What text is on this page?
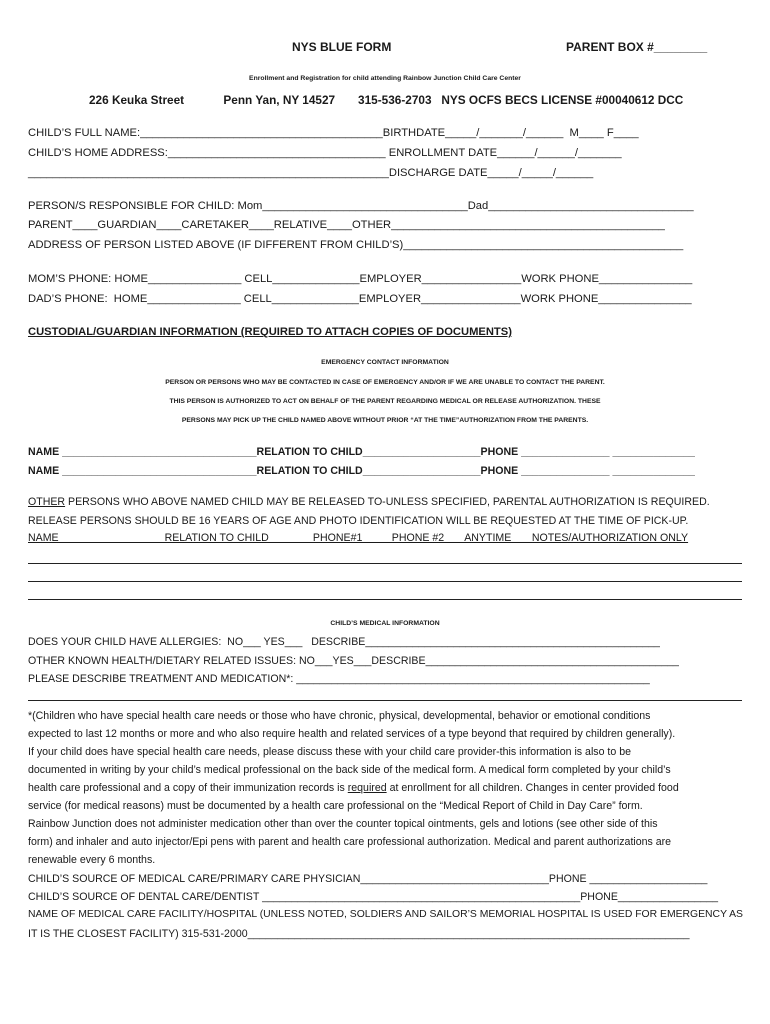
NYS BLUE FORM	PARENT BOX #________
Enrollment and Registration for child attending Rainbow Junction Child Care Center
226 Keuka Street            Penn Yan, NY 14527       315-536-2703   NYS OCFS BECS LICENSE #00040612 DCC
CHILD’S FULL NAME:_______________________________________BIRTHDATE_____/_______/______  M____ F____
CHILD’S HOME ADDRESS:___________________________________ ENROLLMENT DATE______/______/_______
__________________________________________________________DISCHARGE DATE_____/_____/______
PERSON/S RESPONSIBLE FOR CHILD: Mom_________________________________Dad_________________________________
PARENT____GUARDIAN____CARETAKER____RELATIVE____OTHER____________________________________________
ADDRESS OF PERSON LISTED ABOVE (IF DIFFERENT FROM CHILD’S)_____________________________________________
MOM’S PHONE: HOME_______________ CELL______________EMPLOYER________________WORK PHONE_______________
DAD’S PHONE:  HOME_______________ CELL______________EMPLOYER________________WORK PHONE_______________
CUSTODIAL/GUARDIAN INFORMATION (REQUIRED TO ATTACH COPIES OF DOCUMENTS)
EMERGENCY CONTACT INFORMATION
PERSON OR PERSONS WHO MAY BE CONTACTED IN CASE OF EMERGENCY AND/OR IF WE ARE UNABLE TO CONTACT THE PARENT.
THIS PERSON IS AUTHORIZED TO ACT ON BEHALF OF THE PARENT REGARDING MEDICAL OR RELEASE AUTHORIZATION. THESE
PERSONS MAY PICK UP THE CHILD NAMED ABOVE WITHOUT PRIOR “AT THE TIME”AUTHORIZATION FROM THE PARENTS.
NAME _________________________________RELATION TO CHILD____________________PHONE _______________ ______________
NAME _________________________________RELATION TO CHILD____________________PHONE _______________ ______________
OTHER PERSONS WHO ABOVE NAMED CHILD MAY BE RELEASED TO-UNLESS SPECIFIED, PARENTAL AUTHORIZATION IS REQUIRED.
RELEASE PERSONS SHOULD BE 16 YEARS OF AGE AND PHOTO IDENTIFICATION WILL BE REQUESTED AT THE TIME OF PICK-UP.
NAME                                    RELATION TO CHILD               PHONE#1          PHONE #2       ANYTIME       NOTES/AUTHORIZATION ONLY
CHILD’S MEDICAL INFORMATION
DOES YOUR CHILD HAVE ALLERGIES:  NO___ YES___   DESCRIBE__________________________________________________
OTHER KNOWN HEALTH/DIETARY RELATED ISSUES: NO___YES___DESCRIBE___________________________________________
PLEASE DESCRIBE TREATMENT AND MEDICATION*: ____________________________________________________________
*(Children who have special health care needs or those who have chronic, physical, developmental, behavior or emotional conditions
expected to last 12 months or more and who also require health and related services of a type beyond that required by children generally).
If your child does have special health care needs, please discuss these with your child care provider-this information is also to be
documented in writing by your child’s medical professional on the back side of the medical form. A medical form completed by your child’s
health care professional and a copy of their immunization records is required at enrollment for all children. Changes in center provided food
service (for medical reasons) must be documented by a health care professional on the “Medical Report of Child in Day Care” form.
Rainbow Junction does not administer medication other than over the counter topical ointments, gels and lotions (see other side of this
form) and inhaler and auto injector/Epi pens with parent and health care professional authorization. Medical and parent authorizations are
renewable every 6 months.
CHILD’S SOURCE OF MEDICAL CARE/PRIMARY CARE PHYSICIAN________________________________PHONE ____________________
CHILD’S SOURCE OF DENTAL CARE/DENTIST ______________________________________________________PHONE_________________
NAME OF MEDICAL CARE FACILITY/HOSPITAL (UNLESS NOTED, SOLDIERS AND SAILOR’S MEMORIAL HOSPITAL IS USED FOR EMERGENCY AS
IT IS THE CLOSEST FACILITY) 315-531-2000___________________________________________________________________________
